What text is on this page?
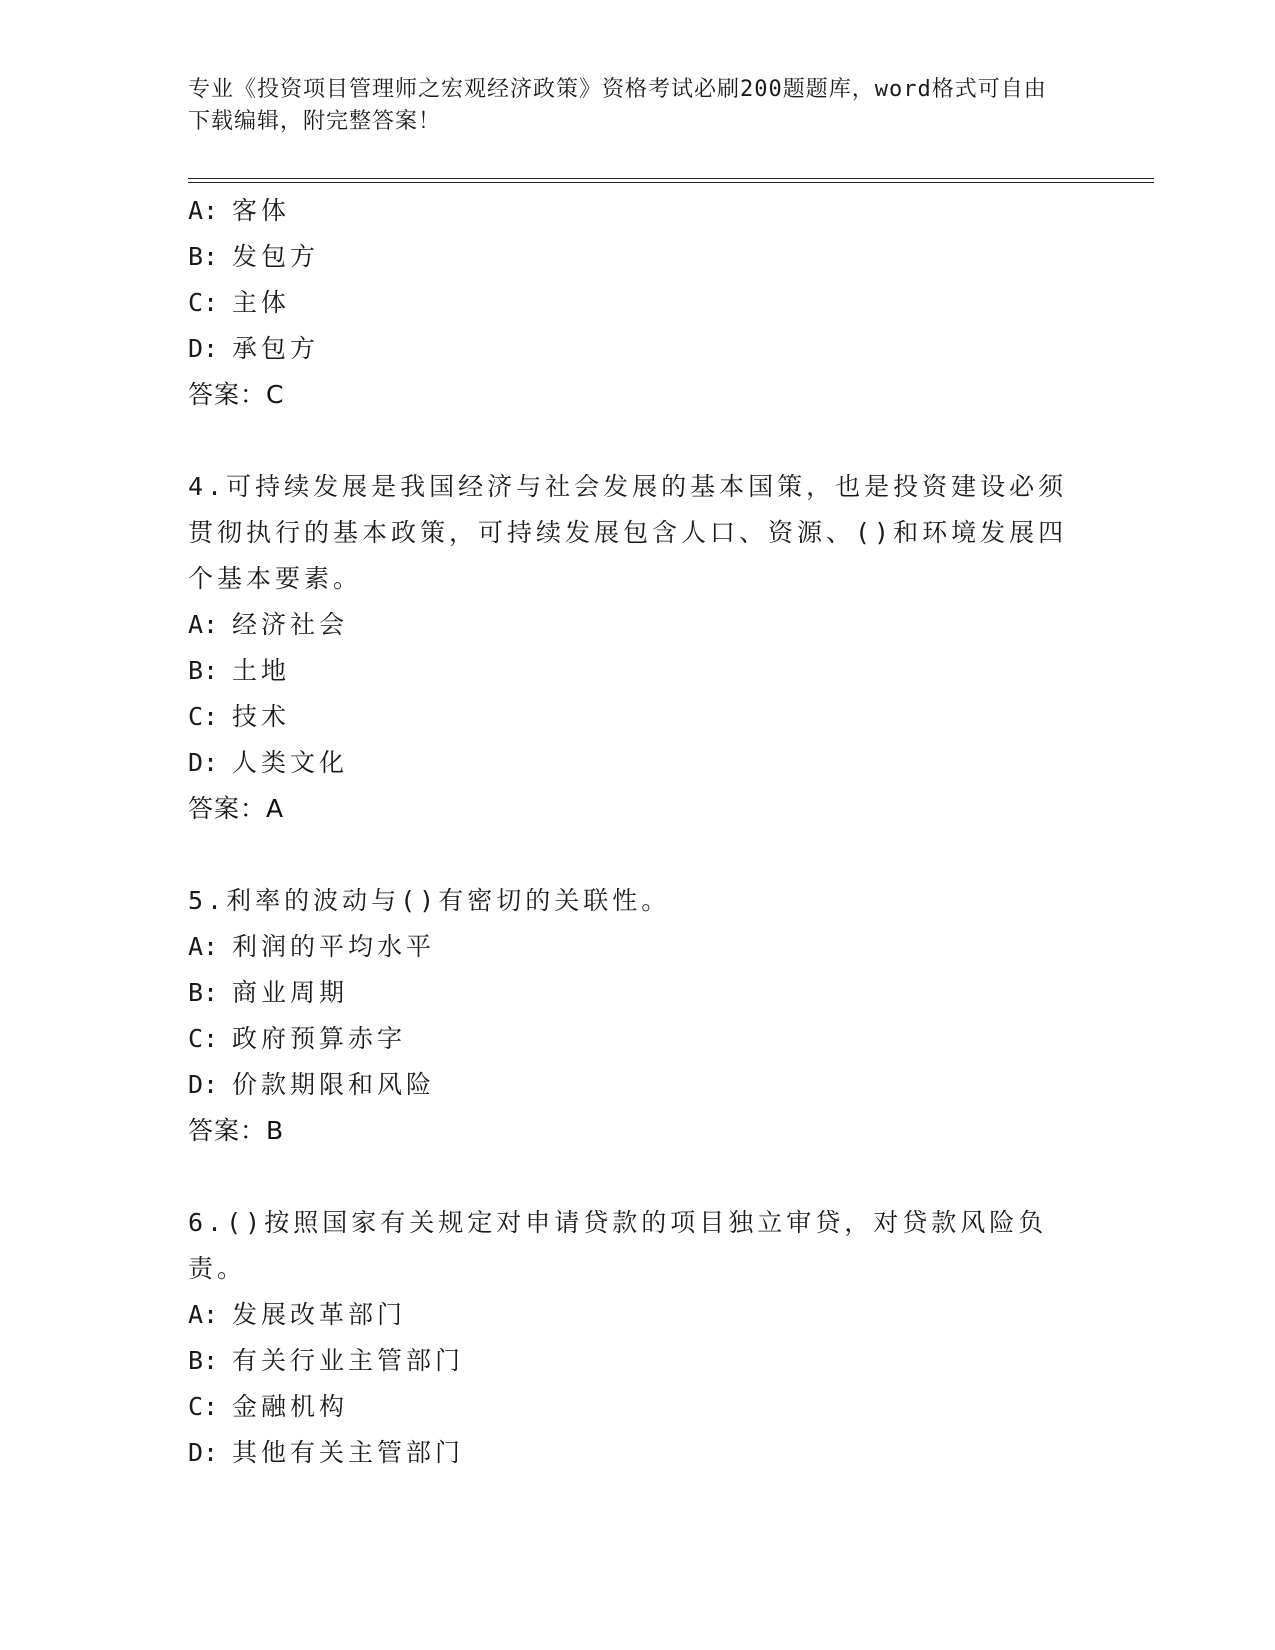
专业《投资项目管理师之宏观经济政策》资格考试必刷200题题库，word格式可自由下载编辑，附完整答案！
A: 客体
B: 发包方
C: 主体
D: 承包方
答案：C
4.可持续发展是我国经济与社会发展的基本国策，也是投资建设必须贯彻执行的基本政策，可持续发展包含人口、资源、()和环境发展四个基本要素。
A: 经济社会
B: 土地
C: 技术
D: 人类文化
答案：A
5.利率的波动与()有密切的关联性。
A: 利润的平均水平
B: 商业周期
C: 政府预算赤字
D: 价款期限和风险
答案：B
6.()按照国家有关规定对申请贷款的项目独立审贷，对贷款风险负责。
A: 发展改革部门
B: 有关行业主管部门
C: 金融机构
D: 其他有关主管部门
